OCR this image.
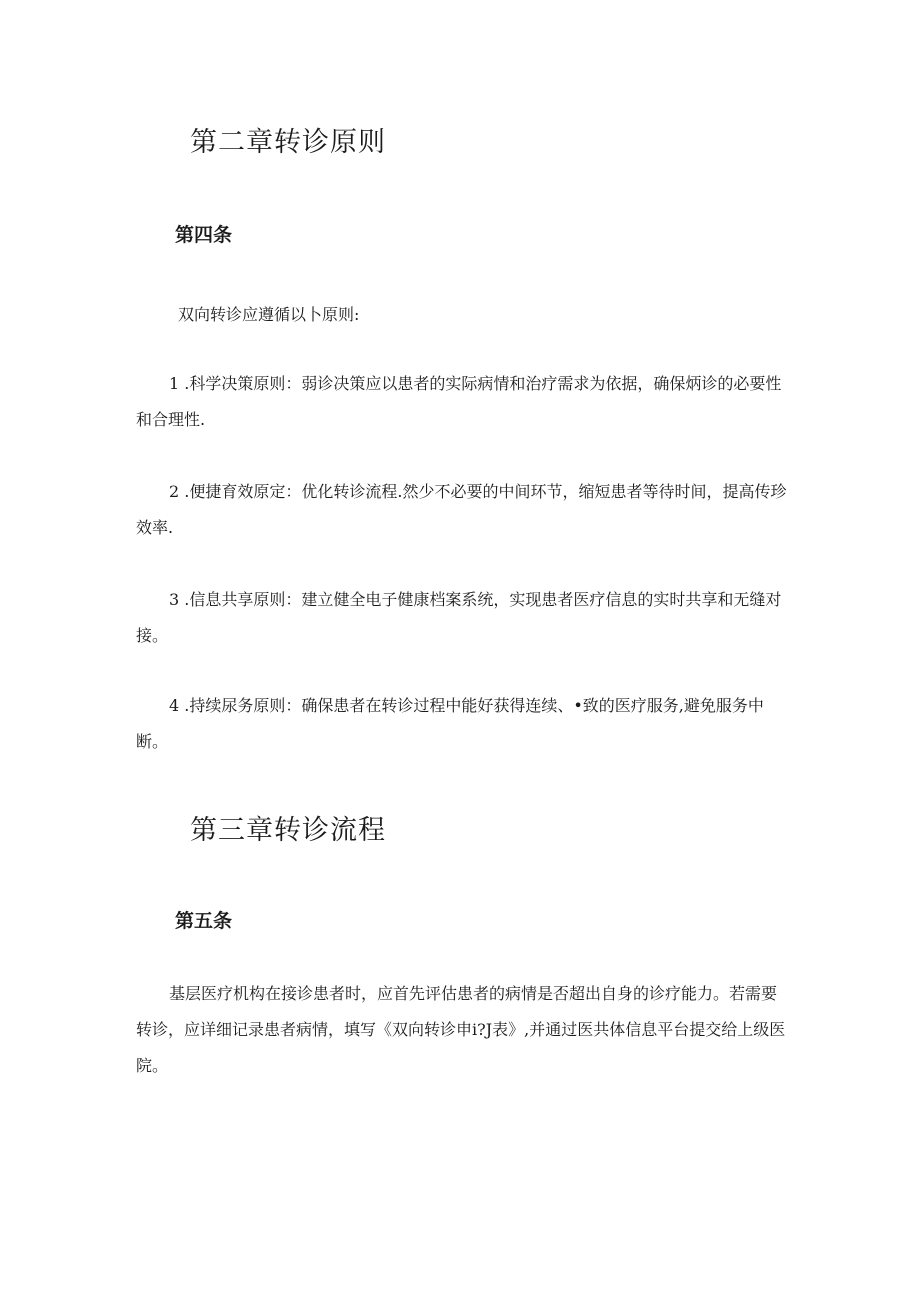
第二章转诊原则
第四条

双向转诊应遵循以卜原则:

1 .科学决策原则：弱诊决策应以患者的实际病情和治疗需求为依据，确保炳诊的必要性和合理性.

2 .便捷育效原定：优化转诊流程.然少不必要的中间环节，缩短患者等待时间，提高传珍效率.

3 .信息共享原则：建立健全电子健康档案系统，实现患者医疗信息的实时共享和无缝对接。

4 .持续尿务原则：确保患者在转诊过程中能好获得连续、•致的医疗服务,避免服务中断。

第三章转诊流程
第五条

基层医疗机构在接诊患者时，应首先评估患者的病情是否超出自身的诊疗能力。若需要转诊，应详细记录患者病情，填写《双向转诊申i?J表》,并通过医共体信息平台提交给上级医院。
